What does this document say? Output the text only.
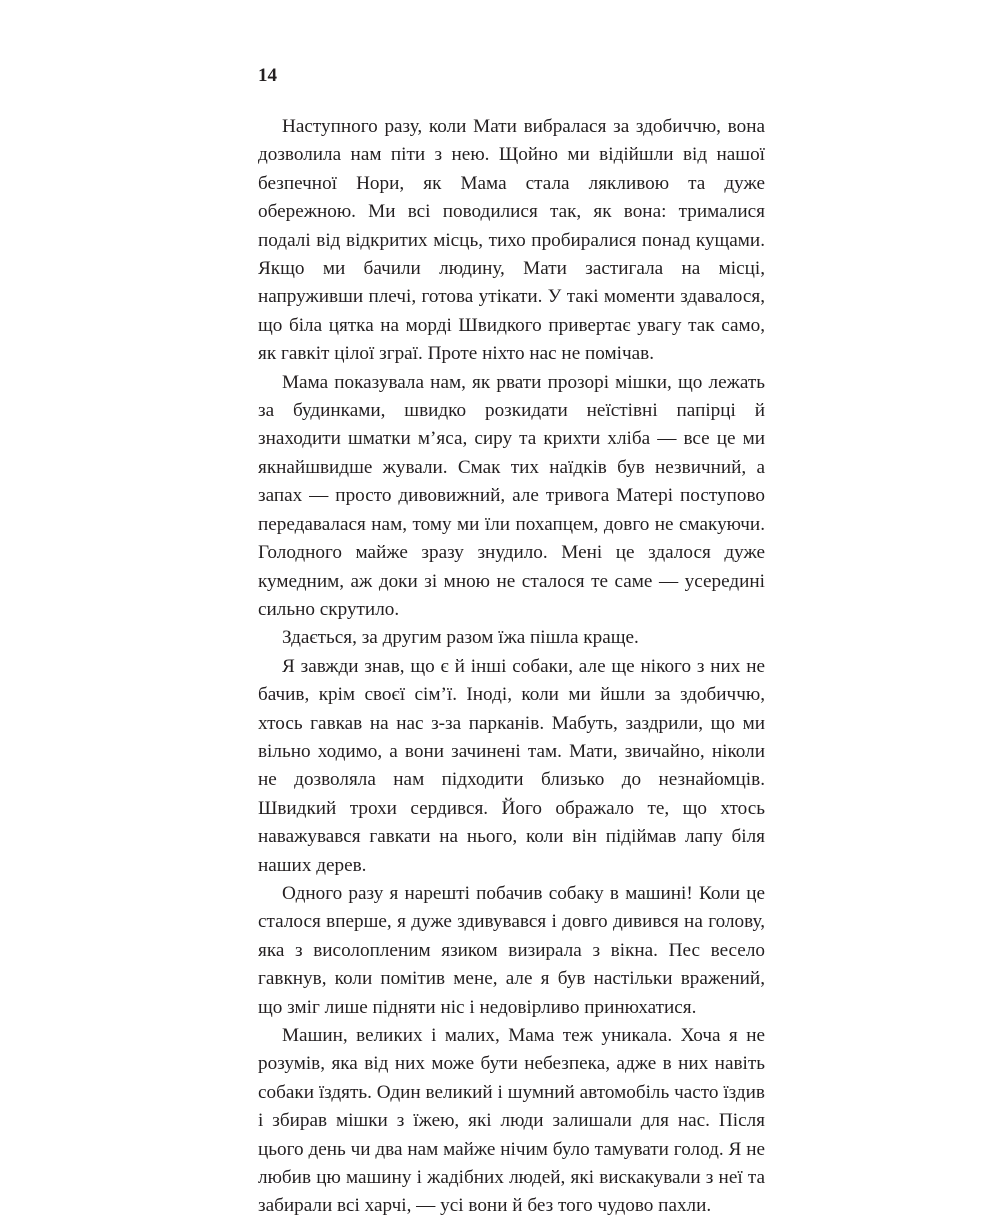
14

Наступного разу, коли Мати вибралася за здобиччю, вона дозволила нам піти з нею. Щойно ми відійшли від нашої безпечної Нори, як Мама стала лякливою та дуже обережною. Ми всі поводилися так, як вона: трималися подалі від відкритих місць, тихо пробиралися понад кущами. Якщо ми бачили людину, Мати застигала на місці, напруживши плечі, готова утікати. У такі моменти здавалося, що біла цятка на морді Швидкого привертає увагу так само, як гавкіт цілої зграї. Проте ніхто нас не помічав.

Мама показувала нам, як рвати прозорі мішки, що лежать за будинками, швидко розкидати неїстівні папірці й знаходити шматки м’яса, сиру та крихти хліба — все це ми якнайшвидше жували. Смак тих наїдків був незвичний, а запах — просто дивовижний, але тривога Матері поступово передавалася нам, тому ми їли похапцем, довго не смакуючи. Голодного майже зразу знудило. Мені це здалося дуже кумедним, аж доки зі мною не сталося те саме — усередині сильно скрутило.

Здається, за другим разом їжа пішла краще.

Я завжди знав, що є й інші собаки, але ще нікого з них не бачив, крім своєї сім’ї. Іноді, коли ми йшли за здобиччю, хтось гавкав на нас з-за парканів. Мабуть, заздрили, що ми вільно ходимо, а вони зачинені там. Мати, звичайно, ніколи не дозволяла нам підходити близько до незнайомців. Швидкий трохи сердився. Його ображало те, що хтось наважувався гавкати на нього, коли він підіймав лапу біля наших дерев.

Одного разу я нарешті побачив собаку в машині! Коли це сталося вперше, я дуже здивувався і довго дивився на голову, яка з висолопленим язиком визирала з вікна. Пес весело гавкнув, коли помітив мене, але я був настільки вражений, що зміг лише підняти ніс і недовірливо принюхатися.

Машин, великих і малих, Мама теж уникала. Хоча я не розумів, яка від них може бути небезпека, адже в них навіть собаки їздять. Один великий і шумний автомобіль часто їздив і збирав мішки з їжею, які люди залишали для нас. Після цього день чи два нам майже нічим було тамувати голод. Я не любив цю машину і жадібних людей, які вискакували з неї та забирали всі харчі, — усі вони й без того чудово пахли.
